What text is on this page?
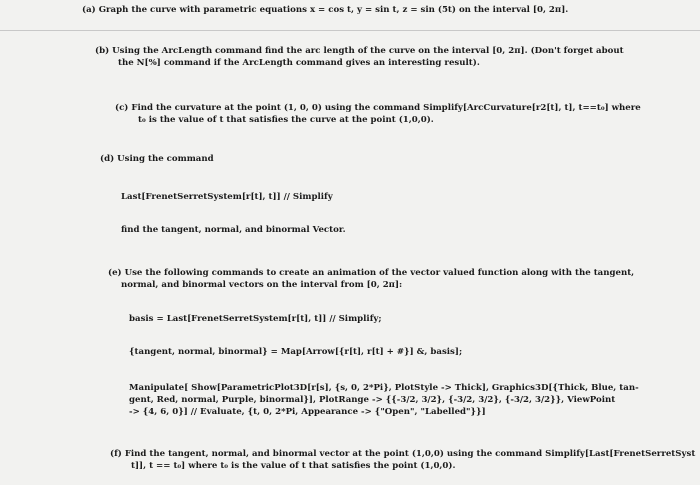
(a) Graph the curve with parametric equations x = cos t, y = sin t, z = sin (5t) on the interval [0, 2π].
(b) Using the ArcLength command find the arc length of the curve on the interval [0, 2π]. (Don't forget about
the N[%] command if the ArcLength command gives an interesting result).
(c) Find the curvature at the point (1, 0, 0) using the command Simplify[ArcCurvature[r2[t], t], t==t₀] where
t₀ is the value of t that satisfies the curve at the point (1,0,0).
(d) Using the command
Last[FrenetSerretSystem[r[t], t]] // Simplify
find the tangent, normal, and binormal Vector.
(e) Use the following commands to create an animation of the vector valued function along with the tangent,
normal, and binormal vectors on the interval from [0, 2π]:
basis = Last[FrenetSerretSystem[r[t], t]] // Simplify;
{tangent, normal, binormal} = Map[Arrow[{r[t], r[t] + #}] &, basis];
Manipulate[ Show[ParametricPlot3D[r[s], {s, 0, 2*Pi}, PlotStyle -> Thick], Graphics3D[{Thick, Blue, tan-
gent, Red, normal, Purple, binormal}], PlotRange -> {{-3/2, 3/2}, {-3/2, 3/2}, {-3/2, 3/2}}, ViewPoint
-> {4, 6, 0}] // Evaluate, {t, 0, 2*Pi, Appearance -> {"Open", "Labelled"}}]
(f) Find the tangent, normal, and binormal vector at the point (1,0,0) using the command Simplify[Last[FrenetSerretSyst
t]], t == t₀] where t₀ is the value of t that satisfies the point (1,0,0).
